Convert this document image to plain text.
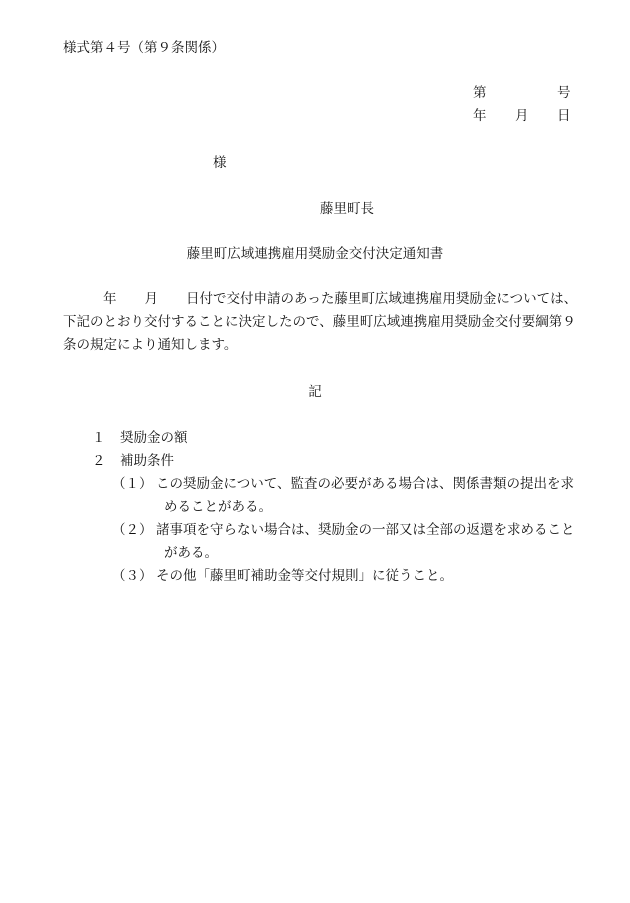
様式第４号（第９条関係）
第	号
年 月 日
様
藤里町長
藤里町広域連携雇用奨励金交付決定通知書
年 月 日付で交付申請のあった藤里町広域連携雇用奨励金については、
下記のとおり交付することに決定したので、藤里町広域連携雇用奨励金交付要綱第９
条の規定により通知します。
記
１ 奨励金の額
２ 補助条件
（１） この奨励金について、監査の必要がある場合は、関係書類の提出を求
めることがある。
（２） 諸事項を守らない場合は、奨励金の一部又は全部の返還を求めること
がある。
（３） その他「藤里町補助金等交付規則」に従うこと。
